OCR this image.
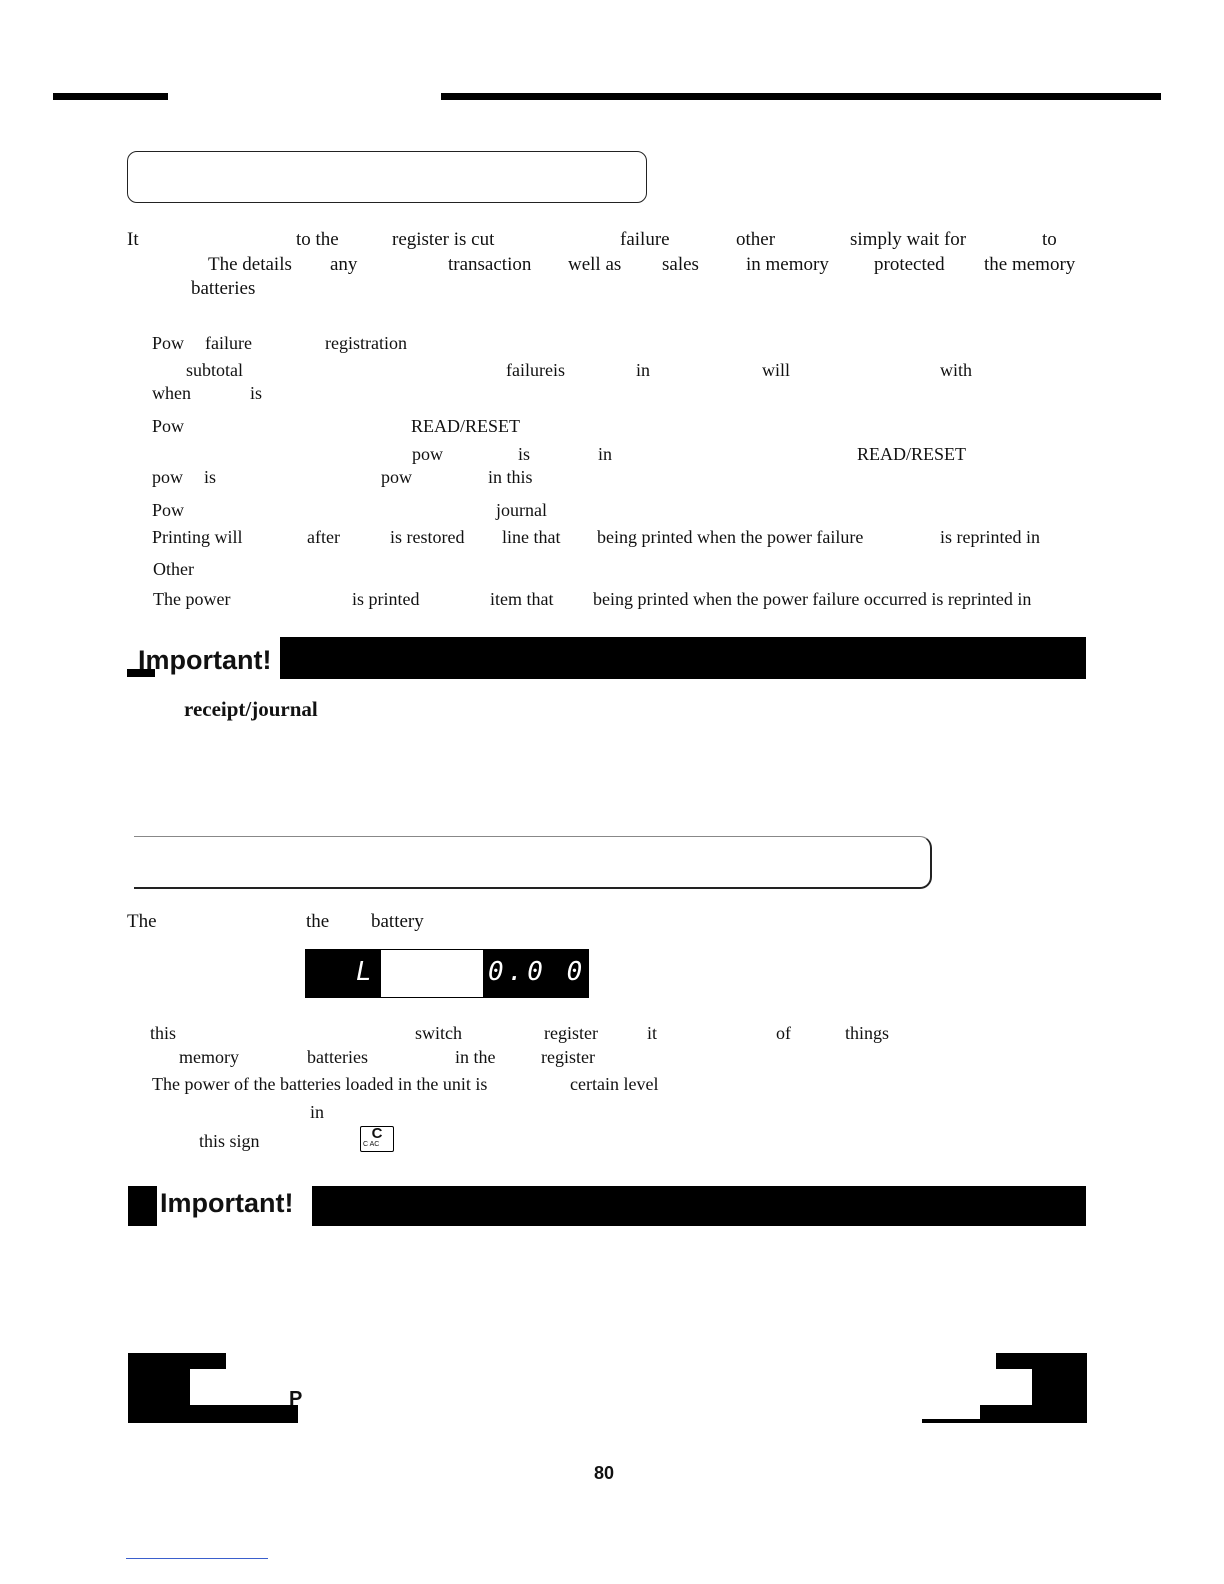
It	to the	register is cut	failure	other	simply wait for	to
The details any	transaction well as sales in memory protected the memory
batteries
Pow failure	registration
subtotal	failureis	in	will	with
when	is
Pow	READ/RESET
pow	is	in	READ/RESET
pow is	pow	in this
Pow	journal
Printing will	after	is restored line that being printed when the power failure	is reprinted in
Other
The power	is printed	item that being printed when the power failure occurred is reprinted in
Important!
receipt/journal
The	the battery
L	0.0 0
this	switch	register	it	of	things
memory	batteries	in the	register
The power of the batteries loaded in the unit is	certain level
in
this sign	C
C AC
Important!
P
80
